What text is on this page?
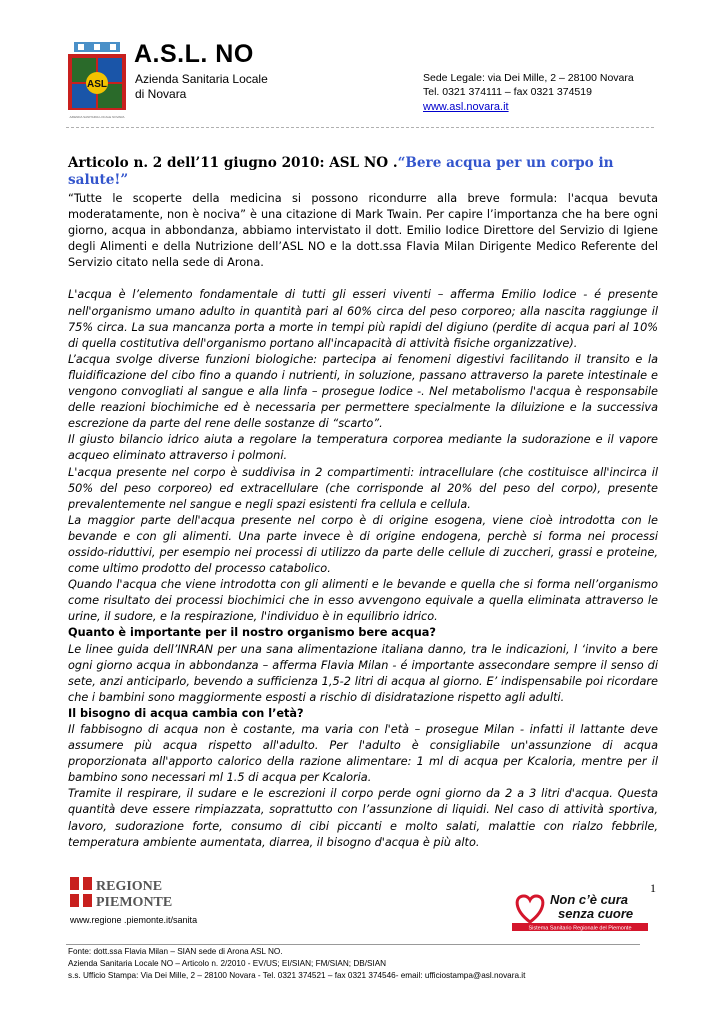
ASL
AZIENDA SANITARIA LOCALE NOVARA
A.S.L. NO
Azienda Sanitaria Locale
di Novara
Sede Legale: via Dei Mille, 2 – 28100 Novara
Tel. 0321 374111 – fax 0321 374519
www.asl.novara.it
Articolo n. 2 dell’11 giugno 2010: ASL NO .“Bere acqua per un corpo in salute!”

“Tutte le scoperte della medicina si possono ricondurre alla breve formula: l'acqua bevuta moderatamente, non è nociva” è una citazione di Mark Twain. Per capire l’importanza che ha bere ogni giorno, acqua in abbondanza, abbiamo intervistato il dott. Emilio Iodice Direttore del Servizio di Igiene degli Alimenti e della Nutrizione dell’ASL NO e la dott.ssa Flavia Milan Dirigente Medico Referente del Servizio citato nella sede di Arona.

L'acqua è l’elemento fondamentale di tutti gli esseri viventi – afferma Emilio Iodice - é presente nell'organismo umano adulto in quantità pari al 60% circa del peso corporeo; alla nascita raggiunge il 75% circa. La sua mancanza porta a morte in tempi più rapidi del digiuno (perdite di acqua pari al 10% di quella costitutiva dell'organismo portano all'incapacità di attività fisiche organizzative).

L’acqua svolge diverse funzioni biologiche: partecipa ai fenomeni digestivi facilitando il transito e la fluidificazione del cibo fino a quando i nutrienti, in soluzione, passano attraverso la parete intestinale e vengono convogliati al sangue e alla linfa – prosegue Iodice -. Nel metabolismo l'acqua è responsabile delle reazioni biochimiche ed è necessaria per permettere specialmente la diluizione e la successiva escrezione da parte del rene delle sostanze di “scarto”.

Il giusto bilancio idrico aiuta a regolare la temperatura corporea mediante la sudorazione e il vapore acqueo eliminato attraverso i polmoni.

L'acqua presente nel corpo è suddivisa in 2 compartimenti: intracellulare (che costituisce all'incirca il 50% del peso corporeo) ed extracellulare (che corrisponde al 20% del peso del corpo), presente prevalentemente nel sangue e negli spazi esistenti fra cellula e cellula.

La maggior parte dell'acqua presente nel corpo è di origine esogena, viene cioè introdotta con le bevande e con gli alimenti. Una parte invece è di origine endogena, perchè si forma nei processi ossido-riduttivi, per esempio nei processi di utilizzo da parte delle cellule di zuccheri, grassi e proteine, come ultimo prodotto del processo catabolico.

Quando l'acqua che viene introdotta con gli alimenti e le bevande e quella che si forma nell’organismo come risultato dei processi biochimici che in esso avvengono equivale a quella eliminata attraverso le urine, il sudore, e la respirazione, l'individuo è in equilibrio idrico.

Quanto è importante per il nostro organismo bere acqua?

Le linee guida dell’INRAN per una sana alimentazione italiana danno, tra le indicazioni, l ‘invito a bere ogni giorno acqua in abbondanza – afferma Flavia Milan - é importante assecondare sempre il senso di sete, anzi anticiparlo, bevendo a sufficienza 1,5-2 litri di acqua al giorno. E’ indispensabile poi ricordare che i bambini sono maggiormente esposti a rischio di disidratazione rispetto agli adulti.

Il bisogno di acqua cambia con l’età?

Il fabbisogno di acqua non è costante, ma varia con l'età – prosegue Milan - infatti il lattante deve assumere più acqua rispetto all'adulto. Per l'adulto è consigliabile un'assunzione di acqua proporzionata all'apporto calorico della razione alimentare: 1 ml di acqua per Kcaloria, mentre per il bambino sono necessari ml 1.5 di acqua per Kcaloria.

Tramite il respirare, il sudare e le escrezioni il corpo perde ogni giorno da 2 a 3 litri d'acqua. Questa quantità deve essere rimpiazzata, soprattutto con l’assunzione di liquidi. Nel caso di attività sportiva, lavoro, sudorazione forte, consumo di cibi piccanti e molto salati, malattie con rialzo febbrile, temperatura ambiente aumentata, diarrea, il bisogno d'acqua è più alto.

REGIONE
PIEMONTE
www.regione .piemonte.it/sanita
1
Non c’è cura
senza cuore
Sistema Sanitario Regionale del Piemonte
Fonte: dott.ssa Flavia Milan – SIAN sede di Arona ASL NO.
Azienda Sanitaria Locale NO – Articolo n. 2/2010 - EV/US; EI/SIAN; FM/SIAN; DB/SIAN
s.s. Ufficio Stampa: Via Dei Mille, 2 – 28100 Novara - Tel. 0321 374521 – fax 0321 374546- email: ufficiostampa@asl.novara.it
